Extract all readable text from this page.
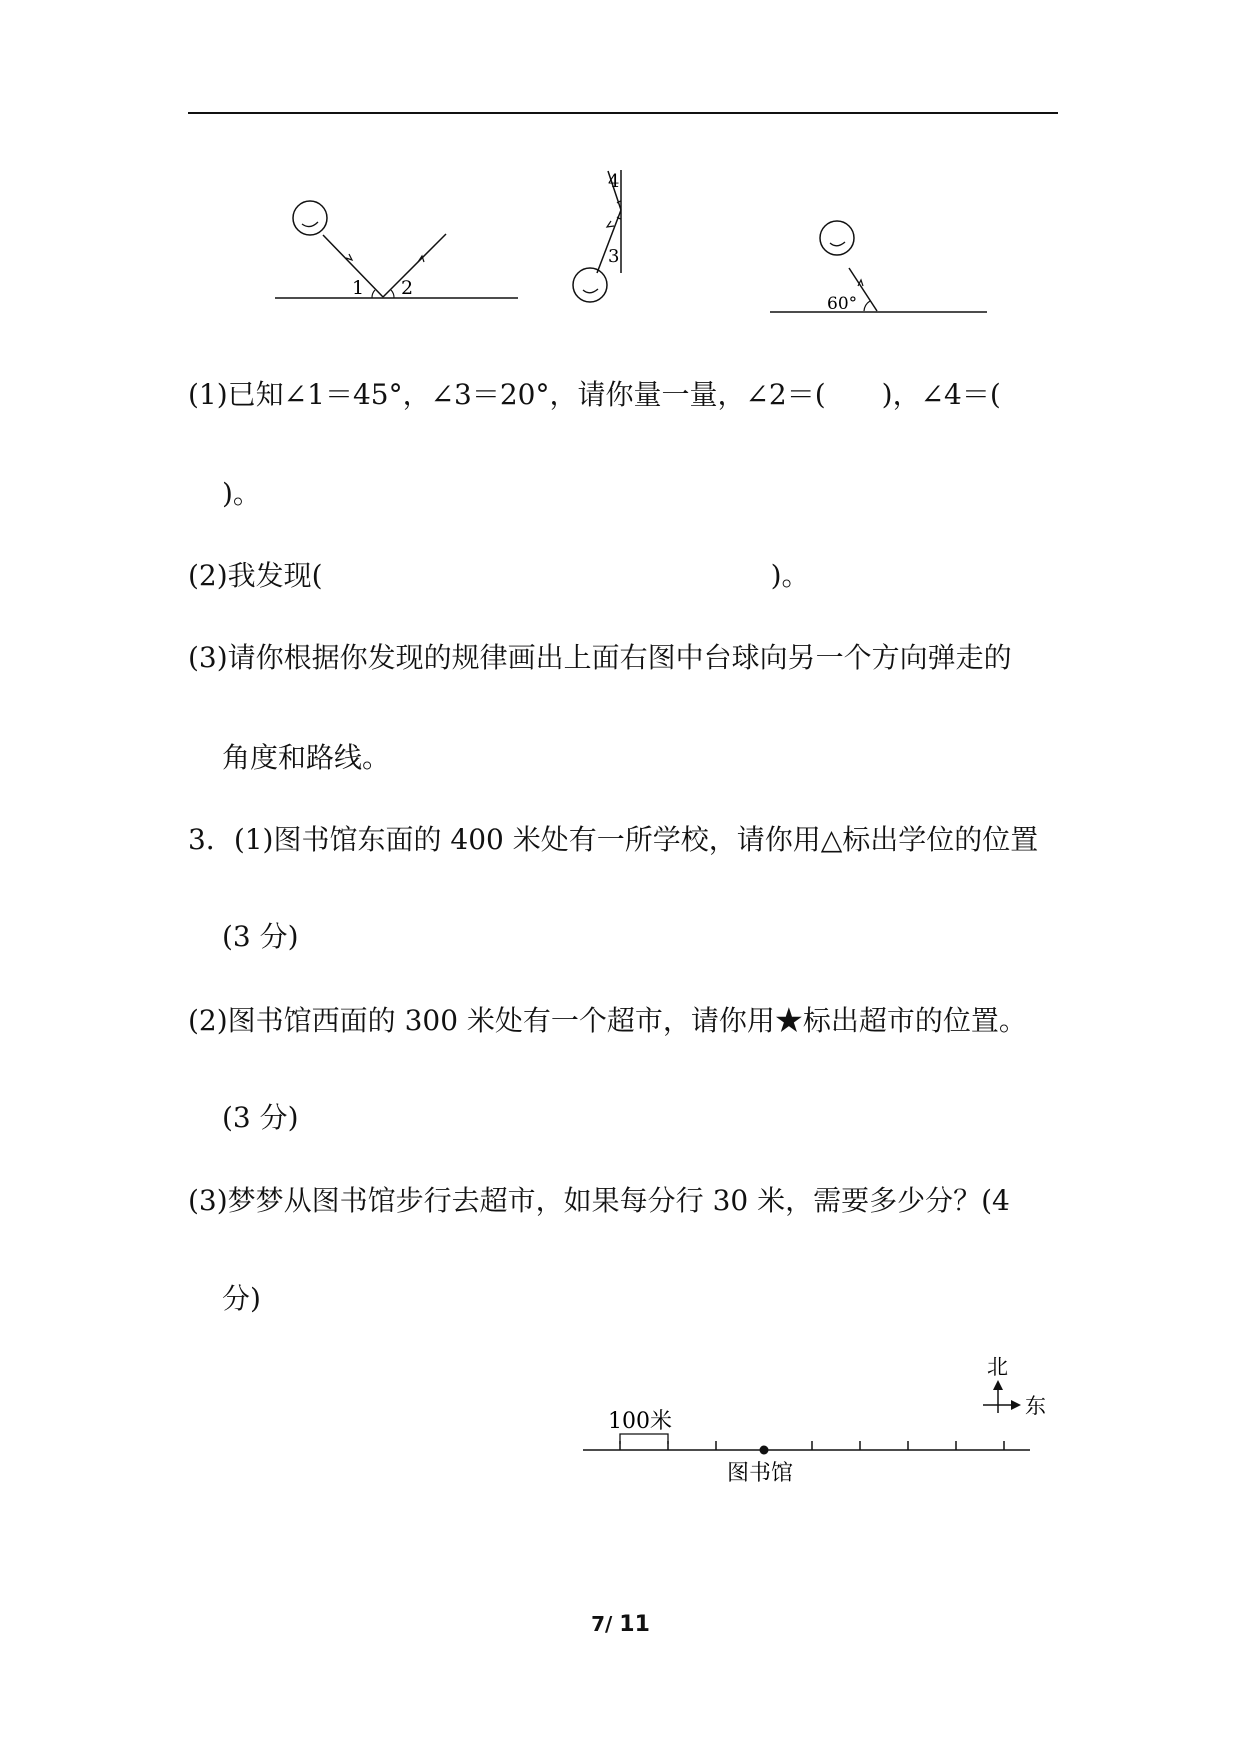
1 2
4
3
60°
(1)已知∠1＝45°，∠3＝20°，请你量一量，∠2＝(　　)，∠4＝(
)。
(2)我发现(　　　　　　　　　　　　　　　　)。
(3)请你根据你发现的规律画出上面右图中台球向另一个方向弹走的
角度和路线。
3．(1)图书馆东面的 400 米处有一所学校，请你用△标出学位的位置
(3 分)
(2)图书馆西面的 300 米处有一个超市，请你用★标出超市的位置。
(3 分)
(3)梦梦从图书馆步行去超市，如果每分行 30 米，需要多少分？(4
分)
100米
图书馆
北
东
7/ 11
